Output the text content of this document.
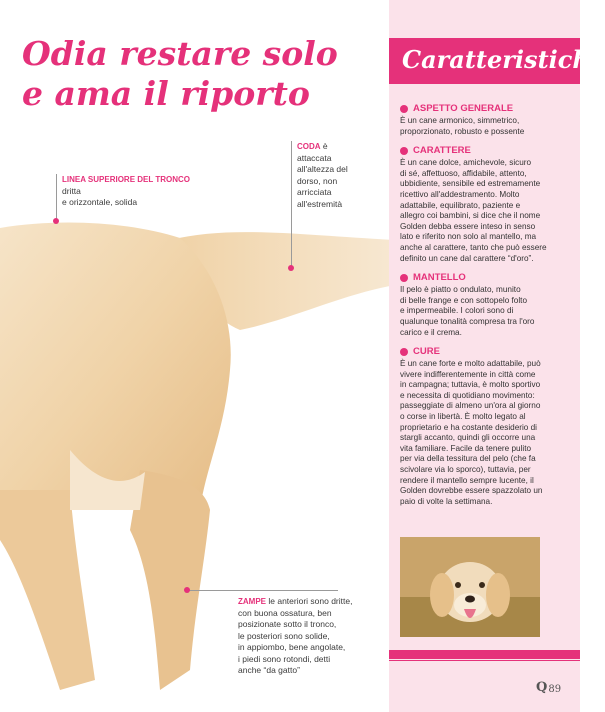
Odia restare solo
e ama il riporto
LINEA SUPERIORE DEL TRONCO dritta
e orizzontale, solida
CODA è
attaccata
all'altezza del
dorso, non
arricciata
all'estremità
ZAMPE le anteriori sono dritte,
con buona ossatura, ben
posizionate sotto il tronco,
le posteriori sono solide,
in appiombo, bene angolate,
i piedi sono rotondi, detti
anche “da gatto”
Caratteristiche
ASPETTO GENERALE

È un cane armonico, simmetrico,
proporzionato, robusto e possente

CARATTERE

È un cane dolce, amichevole, sicuro
di sé, affettuoso, affidabile, attento,
ubbidiente, sensibile ed estremamente
ricettivo all'addestramento. Molto
adattabile, equilibrato, paziente e
allegro coi bambini, si dice che il nome
Golden debba essere inteso in senso
lato e riferito non solo al mantello, ma
anche al carattere, tanto che può essere
definito un cane dal carattere “d'oro”.

MANTELLO

Il pelo è piatto o ondulato, munito
di belle frange e con sottopelo folto
e impermeabile. I colori sono di
qualunque tonalità compresa tra l'oro
carico e il crema.

CURE

È un cane forte e molto adattabile, può
vivere indifferentemente in città come
in campagna; tuttavia, è molto sportivo
e necessita di quotidiano movimento:
passeggiate di almeno un'ora al giorno
o corse in libertà. È molto legato al
proprietario e ha costante desiderio di
stargli accanto, quindi gli occorre una
vita familiare. Facile da tenere pulito
per via della tessitura del pelo (che fa
scivolare via lo sporco), tuttavia, per
rendere il mantello sempre lucente, il
Golden dovrebbe essere spazzolato un
paio di volte la settimana.

Q 89
